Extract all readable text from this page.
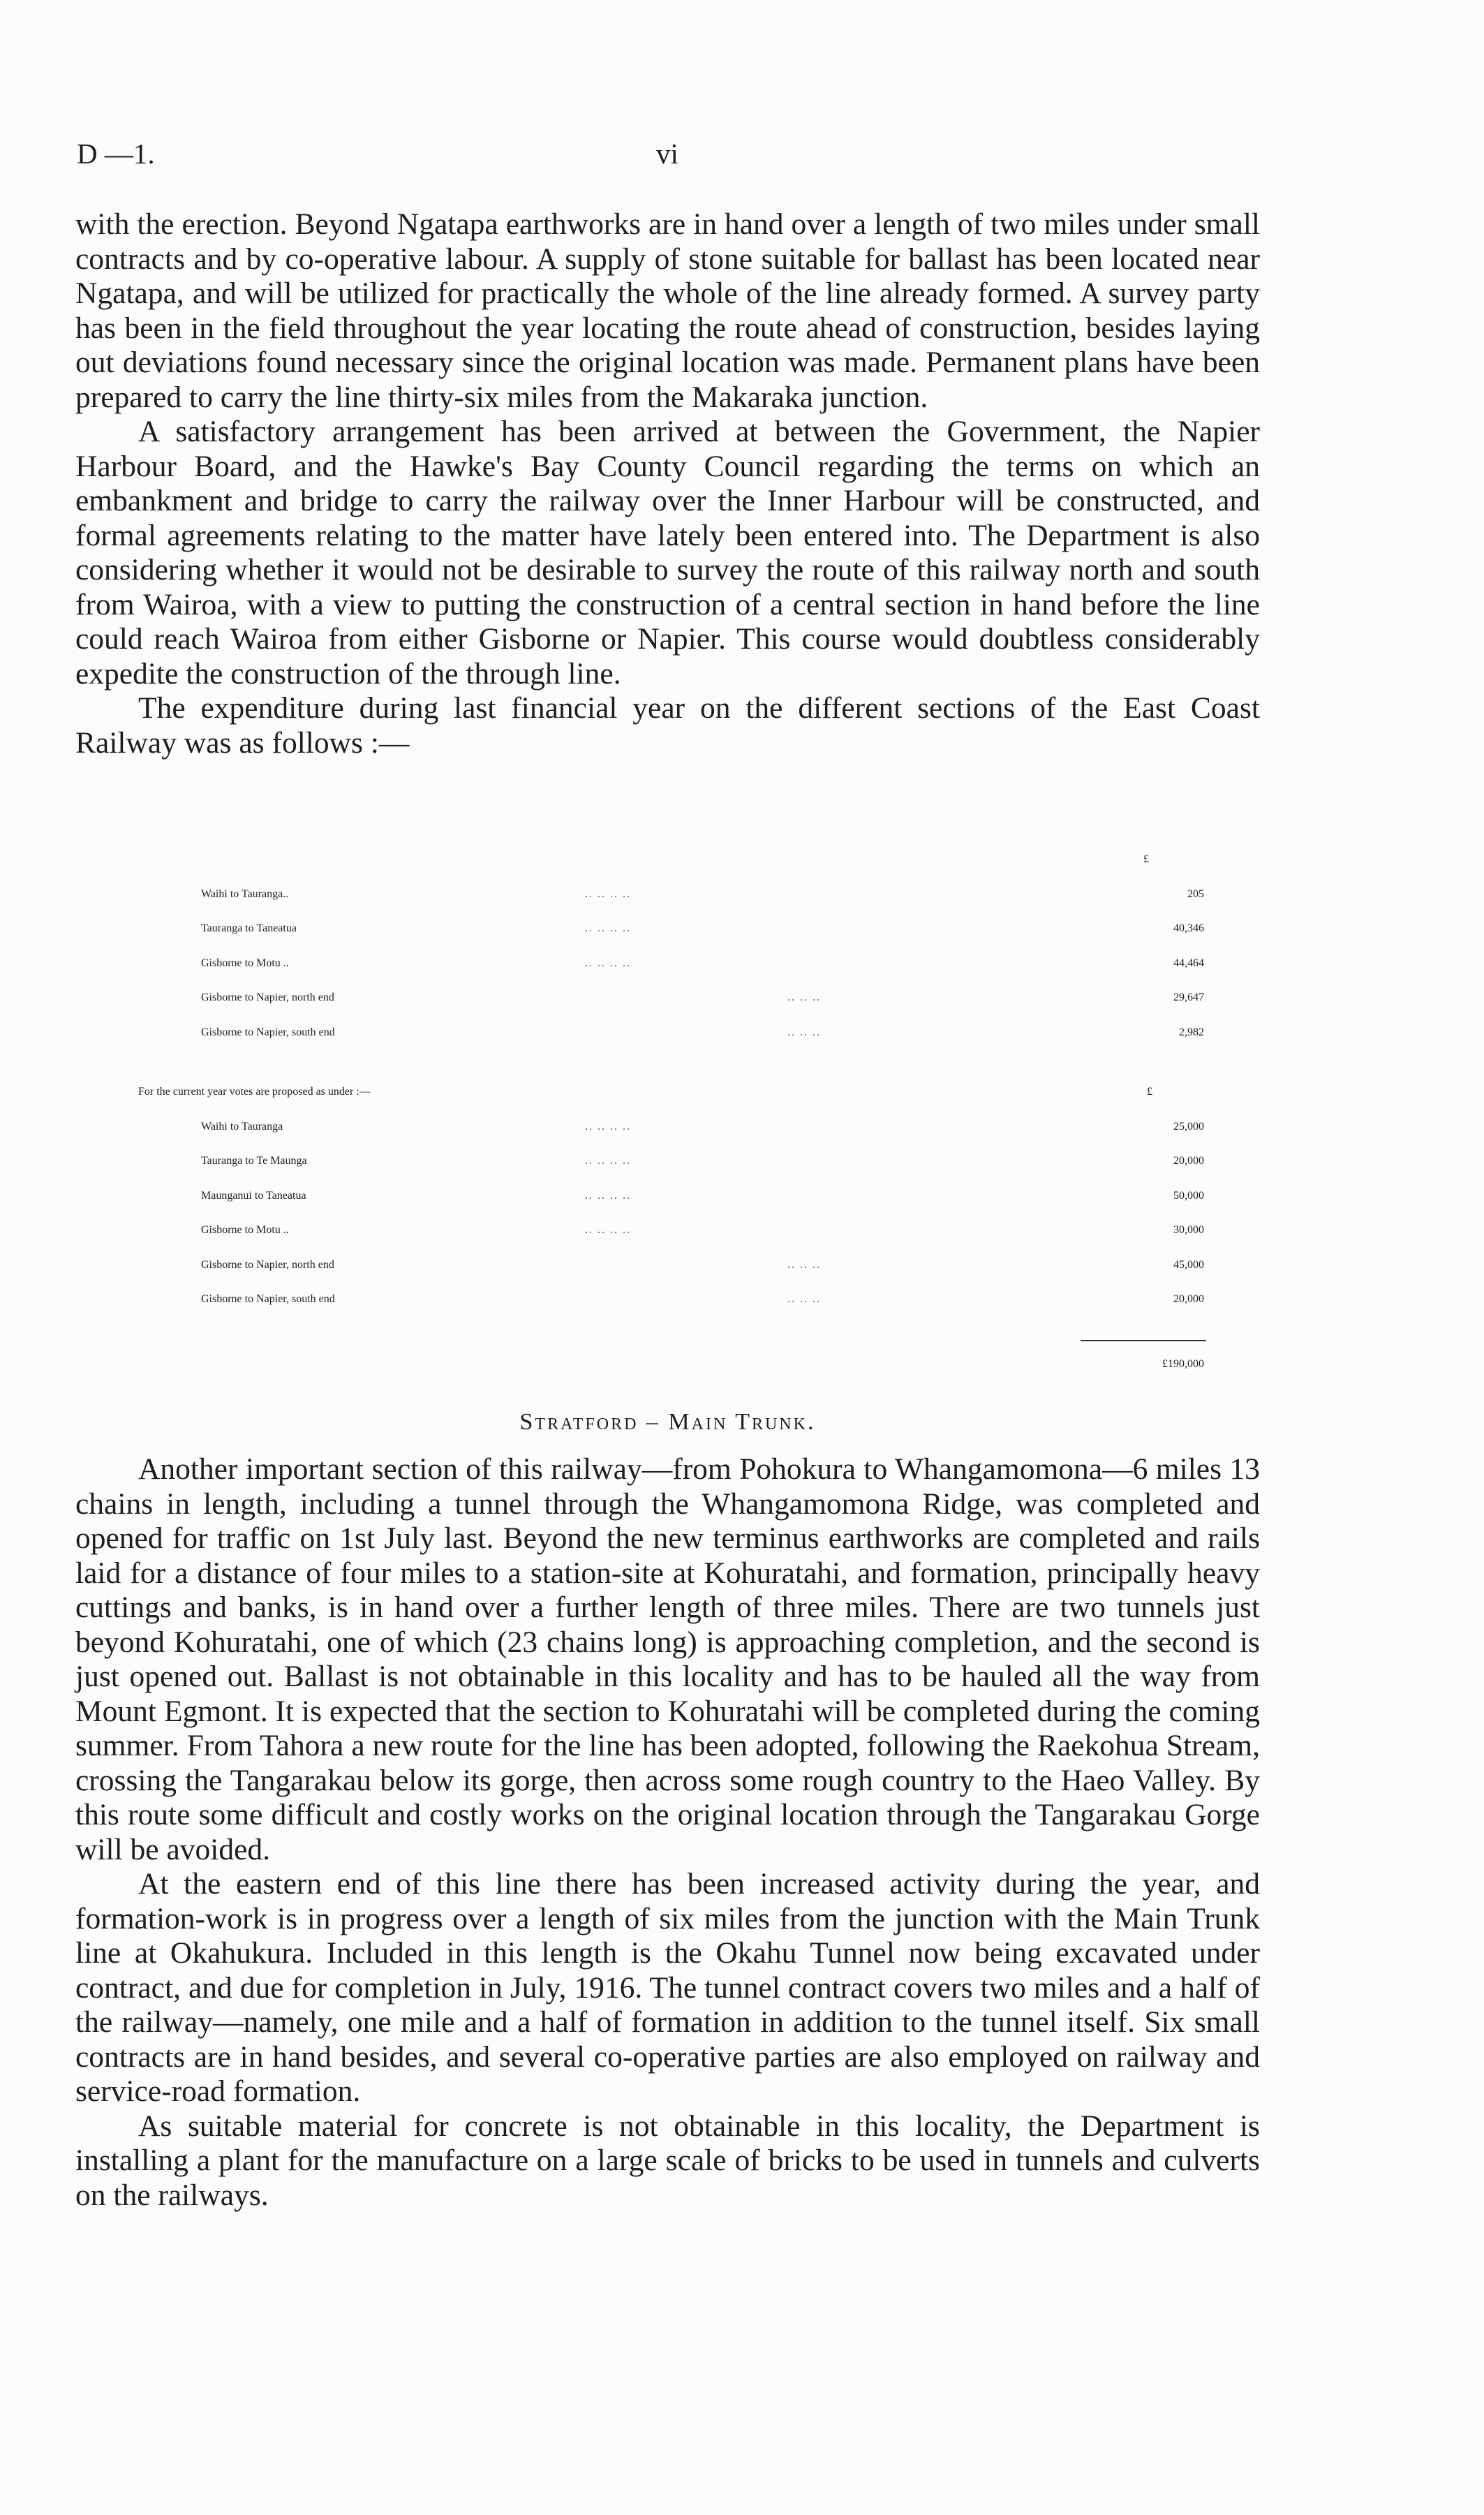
D —1.	vi

with the erection. Beyond Ngatapa earthworks are in hand over a length of two miles under small contracts and by co-operative labour. A supply of stone suitable for ballast has been located near Ngatapa, and will be utilized for practically the whole of the line already formed. A survey party has been in the field throughout the year locating the route ahead of construction, besides laying out deviations found necessary since the original location was made. Permanent plans have been prepared to carry the line thirty-six miles from the Makaraka junction.

A satisfactory arrangement has been arrived at between the Government, the Napier Harbour Board, and the Hawke's Bay County Council regarding the terms on which an embankment and bridge to carry the railway over the Inner Harbour will be constructed, and formal agreements relating to the matter have lately been entered into. The Department is also considering whether it would not be desirable to survey the route of this railway north and south from Wairoa, with a view to putting the construction of a central section in hand before the line could reach Wairoa from either Gisborne or Napier. This course would doubtless considerably expedite the construction of the through line.

The expenditure during last financial year on the different sections of the East Coast Railway was as follows :—

£
Waihi to Tauranga..	.. .. .. ..	205
Tauranga to Taneatua	.. .. .. ..	40,346
Gisborne to Motu ..	.. .. .. ..	44,464
Gisborne to Napier, north end	.. .. ..	29,647
Gisborne to Napier, south end	.. .. ..	2,982
For the current year votes are proposed as under :—	£
Waihi to Tauranga	.. .. .. ..	25,000
Tauranga to Te Maunga	.. .. .. ..	20,000
Maunganui to Taneatua	.. .. .. ..	50,000
Gisborne to Motu ..	.. .. .. ..	30,000
Gisborne to Napier, north end	.. .. ..	45,000
Gisborne to Napier, south end	.. .. ..	20,000
£190,000
Stratford – Main Trunk.

Another important section of this railway—from Pohokura to Whangamomona—6 miles 13 chains in length, including a tunnel through the Whangamomona Ridge, was completed and opened for traffic on 1st July last. Beyond the new terminus earthworks are completed and rails laid for a distance of four miles to a station-site at Kohuratahi, and formation, principally heavy cuttings and banks, is in hand over a further length of three miles. There are two tunnels just beyond Kohuratahi, one of which (23 chains long) is approaching completion, and the second is just opened out. Ballast is not obtainable in this locality and has to be hauled all the way from Mount Egmont. It is expected that the section to Kohuratahi will be completed during the coming summer. From Tahora a new route for the line has been adopted, following the Raekohua Stream, crossing the Tangarakau below its gorge, then across some rough country to the Haeo Valley. By this route some difficult and costly works on the original location through the Tangarakau Gorge will be avoided.

At the eastern end of this line there has been increased activity during the year, and formation-work is in progress over a length of six miles from the junction with the Main Trunk line at Okahukura. Included in this length is the Okahu Tunnel now being excavated under contract, and due for completion in July, 1916. The tunnel contract covers two miles and a half of the railway—namely, one mile and a half of formation in addition to the tunnel itself. Six small contracts are in hand besides, and several co-operative parties are also employed on railway and service-road formation.

As suitable material for concrete is not obtainable in this locality, the Department is installing a plant for the manufacture on a large scale of bricks to be used in tunnels and culverts on the railways.
